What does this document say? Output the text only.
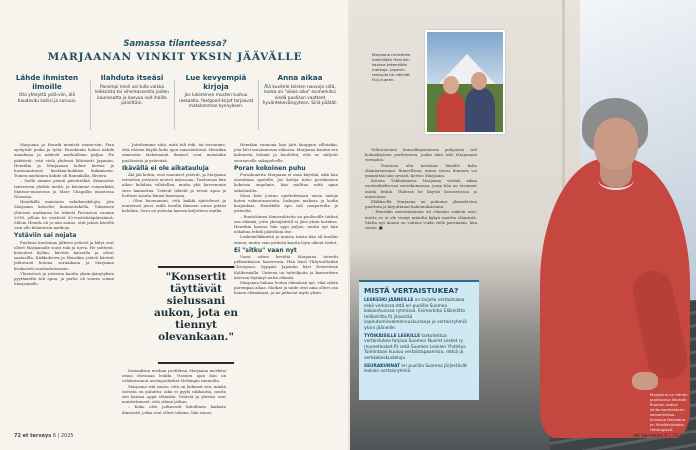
Samassa tilanteessa?
MARJAANAN VINKIT YKSIN JÄÄVÄLLE
Lähde ihmisten ilmoille
Ota yhteyttä ystä-viin, älä haudavdu kotiisi ja suruusi.
Ilahduta itseäsi
Panempi mieli voi tulla vaikka leikkoista tai viherkasveista joiden kaunseutta ja kasvua voit ihailla päivittäin.
Lue kevyempiä kirjoja
Jos lukeminen musten tuntuu raskaalta, feelgood-kirjat tarjoavat matalamman kynnyksen.
Anna aikaa
Älä kuvitele toisten nouvoja siitä, koska on "oikea aika" esimerkiksi viedä puolison vaatteet hyväntekeväisyyteen. Sinä päätät.

Marjaana ja Henrik menivät naimi-siin. Pian syntyivät poika ja tytär. Pariskunta halusi nähdä maailmaa ja näkivät matkoillaan paljon. He päättivät, että vielä yhdessä lähtisivät Japaniin. Henrikin ja Marjaanan kolme kertaa ja hurmaantuivat kirsikan-kukkien kukinnasta. Toinen mieluinen kohde oli Rannikalla, Riviera.

– Siellä nimme pieniä päiväretkiä. Kiinnostus taiteeseen yhdisti meitä, ja kävimme esimerkiksi Matisse-museossa ja Marc Chagallin museossa Nizzassa.

Henrikillä maistasia vakokavakilojta, jota Marjaana katselee kunnioitukella. Viimeisen yhteisen matkansa he tekivät Firenzeen vuonna 2018, jolloin he viettivät 50-vuotishääpäiväänsä. Silloin Henrik oli jo niin sairas, että jaksoi kävellä vain alle kilometrin matkoja.

Ystäviin sai nojata

Puolison kuoleman jälkeen ystävät ja kälyt ovat olleet Marjaanalle suuri tuki ja turva. He soittivat, kutsuivat kyläin, kävivät katsoilla ja olivat saatavilla. Kirkkoherra ja Henrikin ystävä kävivät jatkuvasti kotona suruaikana ja Marjaana keskusteli vuodentulostaan.

Yhteisössä ja ystävien kautta yksin-jäänytyksin pyytämättä tuli apua, ja perhe oli suurin voima Marjaanalle.

– Jutteleimme siitä, mitä tuli teki, tai toivomme, että ehtisin käydä koko ajan vanssäisöissä. Henrikin omaisista tärkeimmät ihmiset ovat muistakin puolisoista ja ystävistä.

Ikävällä ei ole aikatauluja

Älä jää kotiin, ovat sanoneet ystävät, ja Marjaana toteuttaa ystävien neuvot arjessaan. Tunteensa hän aikoo kohdata vähitellen, mutta yhä harvemmin suru lamauttaa. Ystävät tekivät ja toivat apua ja hoitivat asioita hänen kanssaan.

– Olen huomannut, että kaikki ajattelevat ja muistavat juuri, millä tavalla ihmisen surua pitäisi kohdata. Suru on ystävän kanssa kuljettava matka.

"Konsertit täyttävät sielussani aukon, jota en tiennyt olevankaan."

Sosiaalisen median profiilissa Marjaana merkitsi omaa elovanaa lenkki. Vuosien ajan hän on valokuvannut auringonlaskut Helsingin rannoilta.

Marjaana sitä sanoo, että on kokenut sen, minkä surusta on puhuttu: aika ei pyyhi rakkautta, mutta sen kanssa oppii elämään. Ystävät ja yhteisö ovat muistuttaneet, että elämä jatkuu.

– Koko olen jatkuvasti kiitollinen kaikista ihmisistä, jotka ovat olleet tukena, hän sanoo.

Henrikin vaimona hän jätti kauppiin villatakin, jota hävi muutamassa viikossa. Marjaana kantaa sen kuluneita helmiä ja huolehtii, että ne säilyvät seuraavalle sukupolvelle.

Poran kokoinen puhu

Poraskonetta Marjaana ei osaa käyttää, eikä hän aiovakaan opetella. Jos koteja tulee porakoneen kokoisia ongelmia, hän malttaa niitä apua sukulaisilta.

Moni koki joutuu opettelemaan uusia taitoja kuten vakuutusasioita, laskujen maksua ja kodin korjauksia. Henrikille apu tuli naapureilta ja ystäviltä.

– Ruutoloinen ihmissuhteita on puolisoille tärkeä osa elämää, jotta yksinjääväll ei jäisi yksin kotiinsa. Henrikin kanssa hän oppi paljon, mutta nyt hän uskaltaa tehdä päätöksiä itse.

Leskeneläkkeistä ja muista tuista hän oli kuullut ennen, mutta vain ystävän kautta löysi oikeat tiedot.

Ei "sitku" vaan nyt

Vuosi sitten kevättä Marjaana toteutti pitkäaikaisen haaveensa. Hän lensi Yhdysvaltoihin Chicagoon, hyppäsi Japaniin kävi Denverissä Kalifornialla. Uutiena on taiteilijoita ja konserttien ääressä löytänyt uutta elämää.

Marjaana haluaa hoitaa elämänsä nyt, eikä odota parempaa aikaa. Matkat ja taide ovat aina olleet osa hänen elämäänsä, ja ne jatkuvat myös yksin.

72 et terveys 6 | 2025
Marjaana muistelee mielellään Henrikin kanssa tekemiään matkoja. Japanin-reissulla he näkivät Fuji-vuoren.

Yellowstonen kansallispuistossa pohjoisiin tuli kolmaksjäsen perheeseen, jonka ääni teki Marjaanan vieraaksi.

– Tunnissa olin kertonut hänelle koko elämäntarinani. Ihmeellisen, miten vieras ihminen voi ymmärtää niin syvästi, kertoo Marjaana.

Kotona Tukholmassa Marjaana viettää aikaa ruotsinkielisessä seurakunnassa, jossa hän on tavannut muita leskiä. Yhdessä he käyvät konserteissa ja museoissa.

Eläkkeellä Marjaana on puhunut yksinelävien puolesta ja kirjoittanut kokemuksistaan.

– Henrikin menettäminen oli elämäni vaikein asia, mutta se ei ole vienyt minulta kykyä nauttia elämästä. Mutta nyt minun on voitava voida vielä paremmin, hän sanoo. ■

MISTÄ VERTAISTUKEA?

LESKESKI JÄÄNEILLE on tarjolla vertaistukea sekä verkossa että eri puolilla Suomea kokoontuvissa ryhmissä. Esimerkiksi Eläkeliitto (eläkeliitto.fi) järjestää sopeutumisvalmennuskursseja ja vertaisryhmiä yksin jääneille.

TYÖIKÄISILLE LESKILLE tarkoitettua vertaistukea tarjoaa Suomen Nuoret Lesket ry (nuoretlesket.fi) sekä Suomen Leskien Yhdistys. Toimintaan kuuluu vertaistapaamisia, retkiä ja verkkokeskusteluja.

SEURAKUNNAT eri puolilla Suomea järjestävät leskien vertaisryhmiä.

Marjaana on hänen puolisonsa kävivät Ruotsin radion sinfoniaorkesterin konserteissa. Kuvassa Marjaana on Musiikkitalolla Helsingissä.
et terveys 6 | 2025 73
